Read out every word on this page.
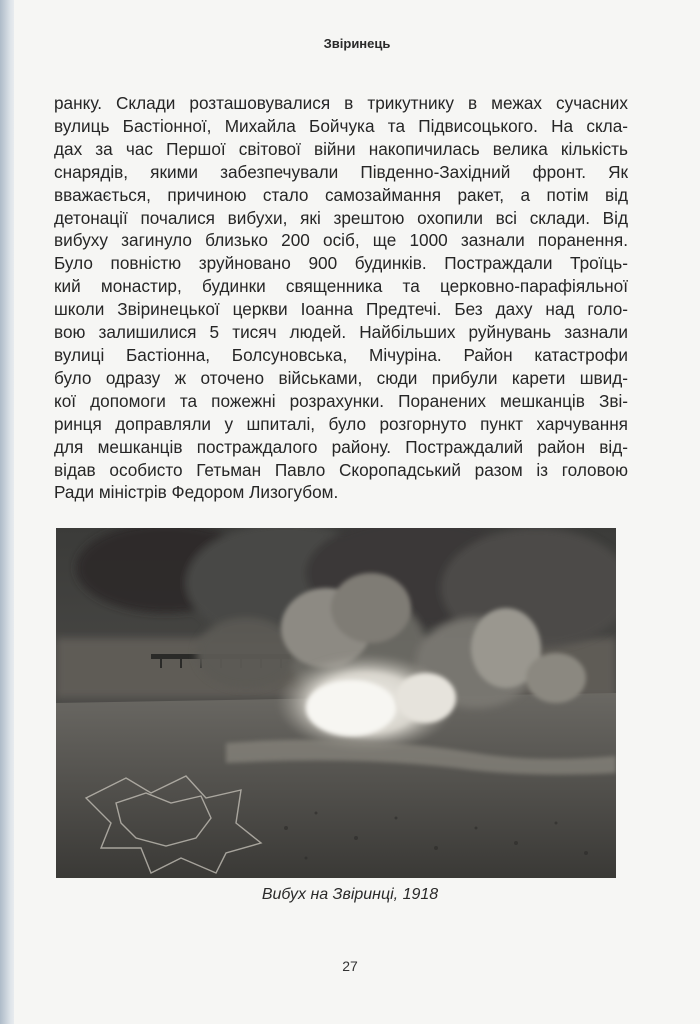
Звіринець

ранку. Склади розташовувалися в трикутнику в межах сучасних
вулиць Бастіонної, Михайла Бойчука та Підвисоцького. На скла-
дах за час Першої світової війни накопичилась велика кількість
снарядів, якими забезпечували Південно-Західний фронт. Як
вважається, причиною стало самозаймання ракет, а потім від
детонації почалися вибухи, які зрештою охопили всі склади. Від
вибуху загинуло близько 200 осіб, ще 1000 зазнали поранення.
Було повністю зруйновано 900 будинків. Постраждали Троїць-
кий монастир, будинки священника та церковно-парафіяльної
школи Звіринецької церкви Іоанна Предтечі. Без даху над голо-
вою залишилися 5 тисяч людей. Найбільших руйнувань зазнали
вулиці Бастіонна, Болсуновська, Мічуріна. Район катастрофи
було одразу ж оточено військами, сюди прибули карети швид-
кої допомоги та пожежні розрахунки. Поранених мешканців Зві-
ринця доправляли у шпиталі, було розгорнуто пункт харчування
для мешканців постраждалого району. Постраждалий район від-
відав особисто Гетьман Павло Скоропадський разом із головою
Ради міністрів Федором Лизогубом.

Вибух на Звіринці, 1918
27
